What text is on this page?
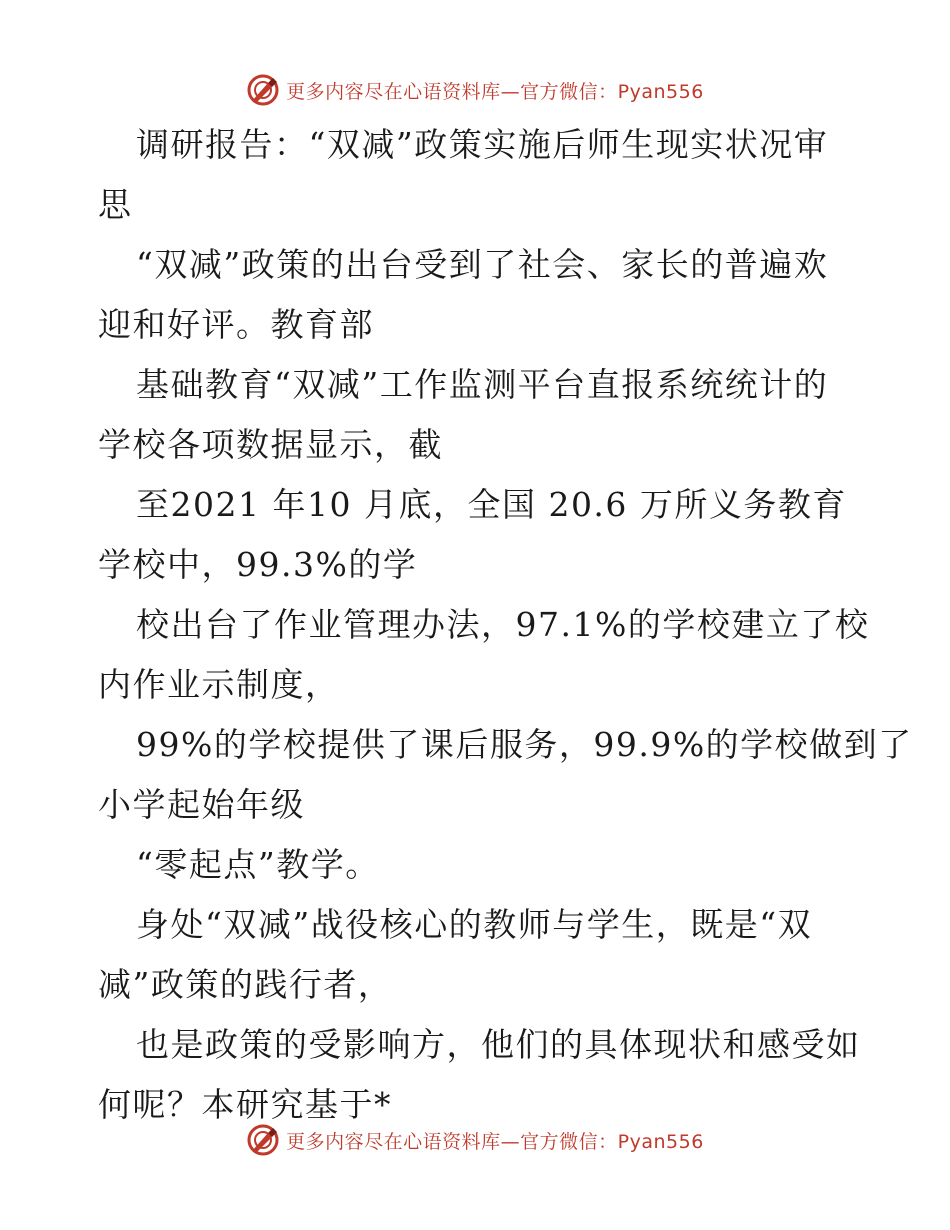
更多内容尽在心语资料库—官方微信：Pyan556
调研报告：“双减”政策实施后师生现实状况审
思
“双减”政策的出台受到了社会、家长的普遍欢
迎和好评。教育部
基础教育“双减”工作监测平台直报系统统计的
学校各项数据显示，截
至2021 年10 月底，全国 20.6 万所义务教育
学校中，99.3%的学
校出台了作业管理办法，97.1%的学校建立了校
内作业示制度，
99%的学校提供了课后服务，99.9%的学校做到了
小学起始年级
“零起点”教学。
身处“双减”战役核心的教师与学生，既是“双
减”政策的践行者，
也是政策的受影响方，他们的具体现状和感受如
何呢？本研究基于*
更多内容尽在心语资料库—官方微信：Pyan556
